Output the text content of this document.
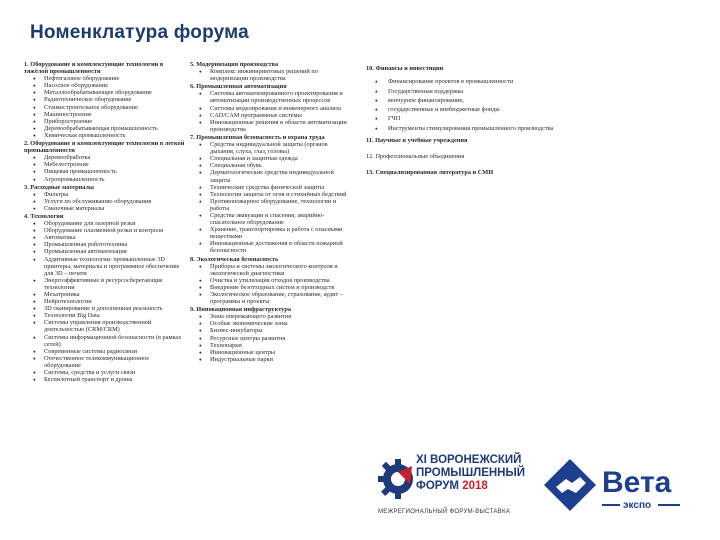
Номенклатура форума
1. Оборудование и комплектующие технологии в тяжёлой промышленности
● Нефтегазовое оборудование
● Насосное оборудование
● Металлообрабатывающее оборудование
● Радиотехническое оборудование
● Станкостроительное оборудование
● Машиностроение
● Приборостроение
● Деревообрабатывающая промышленность
● Химическая промышленность
2. Оборудование и комплектующие технологии в легкой промышленности
● Деревообработка
● Мебелестроение
● Пищевая промышленность
● Агропромышленность
3. Расходные материалы
● Фильтры
● Услуги по обслуживанию оборудования
● Смазочные материалы
4. Технологии
● Оборудование для лазерной резки
● Оборудование плазменной резки и контроля
● Автоматика
● Промышленная робототехника
● Промышленная автоматизация
● Аддитивные технологии: промышленные 3D принтеры, материалы и программное обеспечение для 3D – печати
● Энергоэффективные и ресурсосберегающие технологии
● Мехатроника
● Нейротехнологии
● 3D сканирование и дополненная реальность
● Технологии Big Data
● Системы управления производственной деятельностью (CRM/CRM)
● Системы информационной безопасности (в рамках сетей)
● Современные системы радиосвязи
● Отечественное телекоммуникационное оборудование
● Системы, средства и услуги связи
● Беспилотный транспорт и дроны
5. Модернизация производства
● Комплекс инжиниринговых решений по модернизации производства
6. Промышленная автоматизация
● Системы автоматизированного проектирования и автоматизации производственных процессов
● Системы моделирования и инженерного анализа
● CAD/CAM программные системы
● Инновационные решения в области автоматизации производства
7. Промышленная безопасность и охрана труда
● Средства индивидуальной защиты (органов дыхания, слуха, глаз, головы)
● Специальная и защитная одежда
● Специальная обувь
● Дерматологические средства индивидуальной защиты
● Технические средства физической защиты
● Технологии защиты от огня и стихийных бедствий
● Противопожарное оборудование, технологии и работы
● Средства эвакуации и спасения, аварийно-спасательное оборудование
● Хранение, транспортировка и работа с опасными веществами
● Инновационные достижения в области пожарной безопасности
8. Экологическая безопасность
● Приборы и системы экологического контроля и экологической диагностики
● Очистка и утилизация отходов производства
● Внедрение безотходных систем и производств
● Экологическое образование, страхование, аудит – программы и проекты
9. Инновационная инфраструктура
● Зоны опережающего развития
● Особые экономические зоны
● Бизнес-инкубаторы
● Ресурсные центры развития
● Технопарки
● Инновационные центры
● Индустриальные парки
10. Финансы и инвестиции
● Финансирование проектов в промышленности
● Государственная поддержка
● венчурное финансирование,
● государственные и внебюджетные фонды
● ГЧП
● Инструменты стимулирования промышленного производства
11. Научные и учебные учреждения
12. Профессиональные объединения
13. Специализированная литература и СМИ
XI ВОРОНЕЖСКИЙ
ПРОМЫШЛЕННЫЙ
ФОРУМ 2018
МЕЖРЕГИОНАЛЬНЫЙ ФОРУМ-ВЫСТАВКА
Вета
экспо
